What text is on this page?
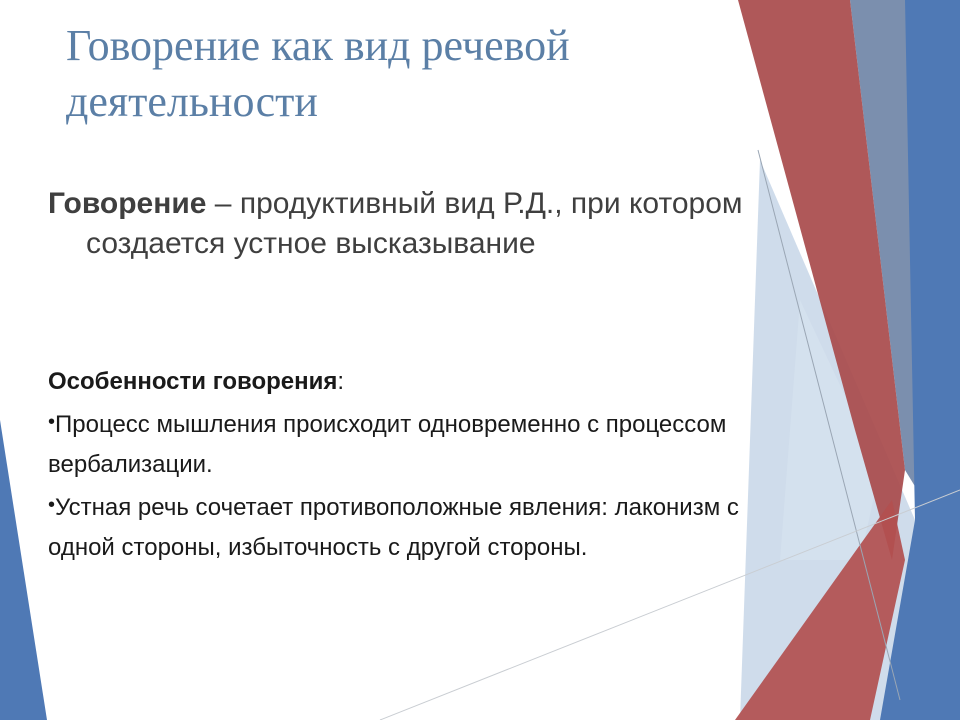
Говорение как вид речевой деятельности

Говорение – продуктивный вид Р.Д., при котором создается устное высказывание

Особенности говорения:

•Процесс мышления происходит одновременно с процессом вербализации.
•Устная речь сочетает противоположные явления: лаконизм с одной стороны, избыточность с другой стороны.
